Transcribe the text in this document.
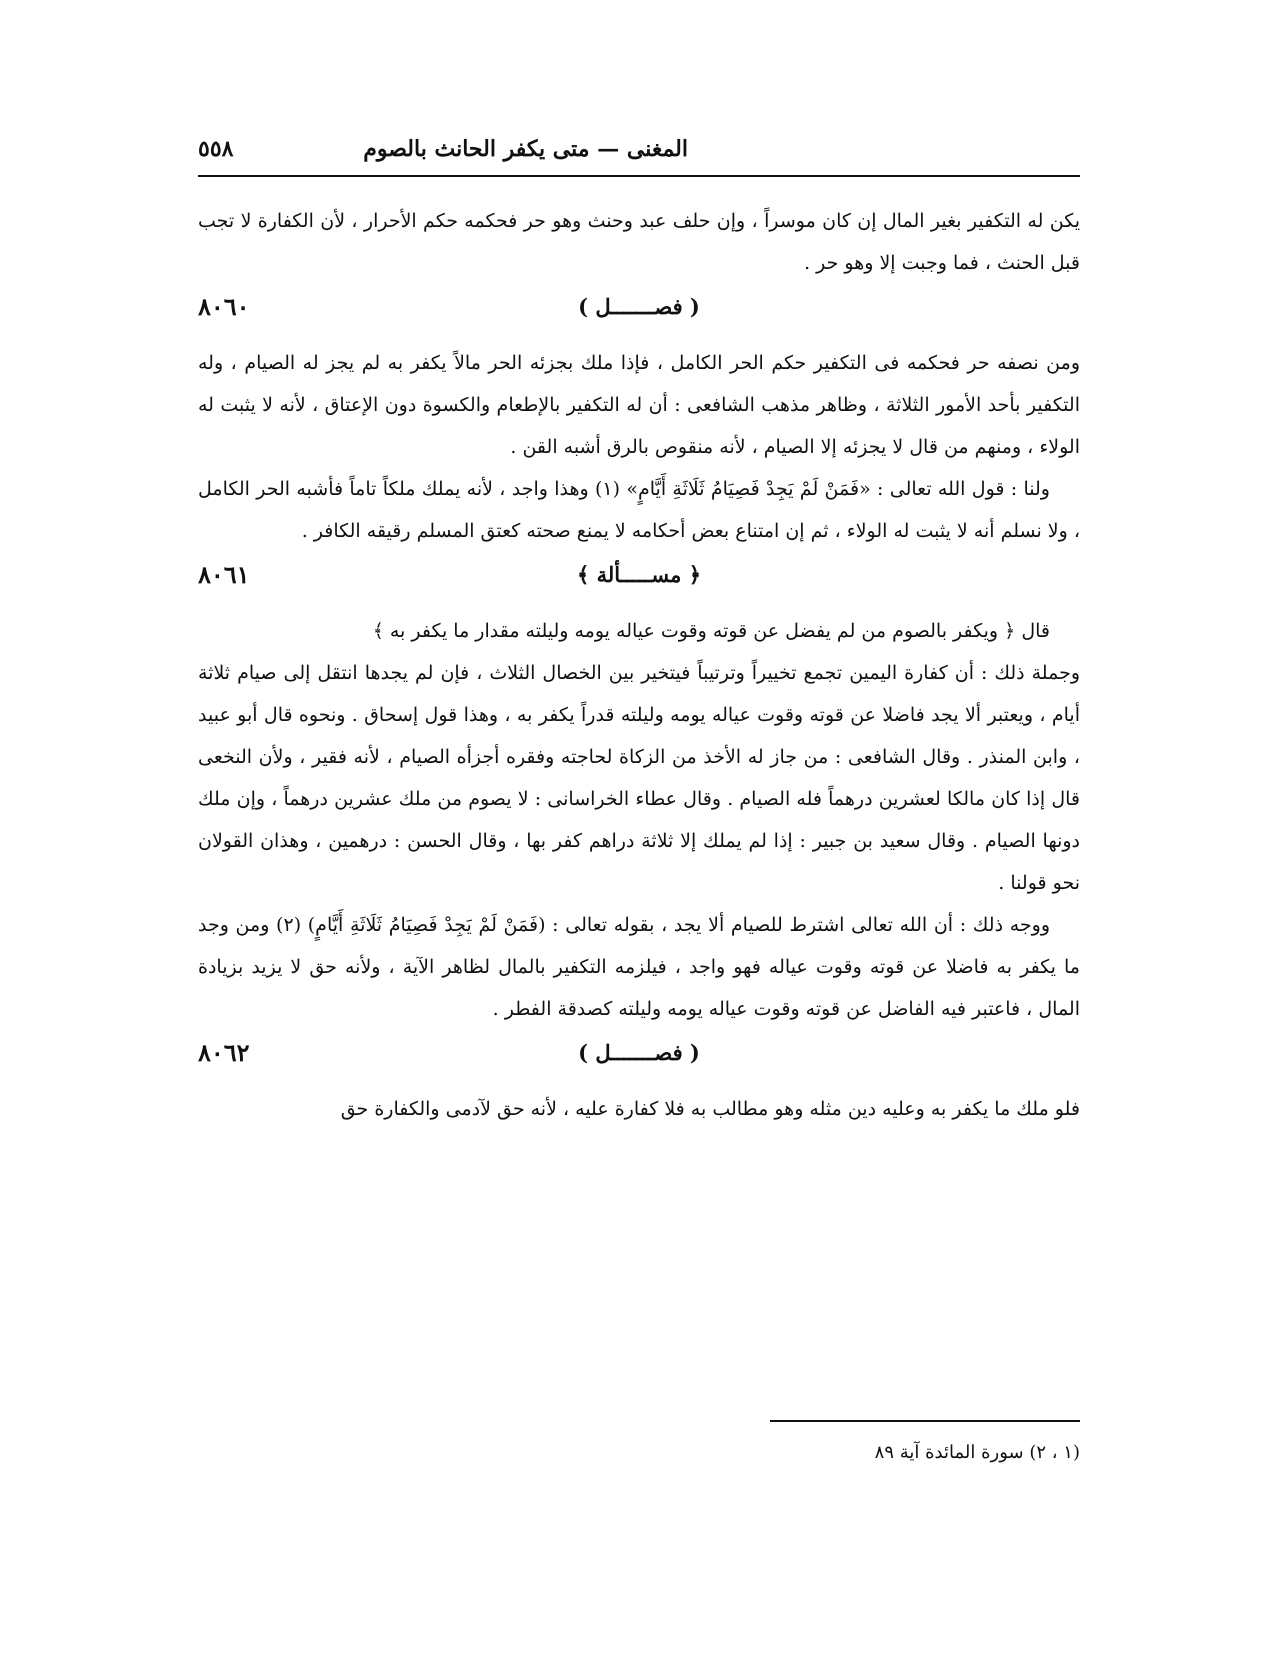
المغنى — متى يكفر الحانث بالصوم
٥٥٨

يكن له التكفير بغير المال إن كان موسراً ، وإن حلف عبد وحنث وهو حر فحكمه حكم الأحرار ، لأن الكفارة لا تجب قبل الحنث ، فما وجبت إلا وهو حر .

( فصـــــــل )
٨٠٦٠

ومن نصفه حر فحكمه فى التكفير حكم الحر الكامل ، فإذا ملك بجزئه الحر مالاً يكفر به لم يجز له الصيام ، وله التكفير بأحد الأمور الثلاثة ، وظاهر مذهب الشافعى : أن له التكفير بالإطعام والكسوة دون الإعتاق ، لأنه لا يثبت له الولاء ، ومنهم من قال لا يجزئه إلا الصيام ، لأنه منقوص بالرق أشبه القن .

ولنا : قول الله تعالى : «فَمَنْ لَمْ يَجِدْ فَصِيَامُ ثَلَاثَةِ أَيَّامٍ» (١) وهذا واجد ، لأنه يملك ملكاً تاماً فأشبه الحر الكامل ، ولا نسلم أنه لا يثبت له الولاء ، ثم إن امتناع بعض أحكامه لا يمنع صحته كعتق المسلم رقيقه الكافر .

﴿ مســـــألة ﴾
٨٠٦١

قال ﴿ ويكفر بالصوم من لم يفضل عن قوته وقوت عياله يومه وليلته مقدار ما يكفر به ﴾

وجملة ذلك : أن كفارة اليمين تجمع تخييراً وترتيباً فيتخير بين الخصال الثلاث ، فإن لم يجدها انتقل إلى صيام ثلاثة أيام ، ويعتبر ألا يجد فاضلا عن قوته وقوت عياله يومه وليلته قدراً يكفر به ، وهذا قول إسحاق . ونحوه قال أبو عبيد ، وابن المنذر . وقال الشافعى : من جاز له الأخذ من الزكاة لحاجته وفقره أجزأه الصيام ، لأنه فقير ، ولأن النخعى قال إذا كان مالكا لعشرين درهماً فله الصيام . وقال عطاء الخراسانى : لا يصوم من ملك عشرين درهماً ، وإن ملك دونها الصيام . وقال سعيد بن جبير : إذا لم يملك إلا ثلاثة دراهم كفر بها ، وقال الحسن : درهمين ، وهذان القولان نحو قولنا .

ووجه ذلك : أن الله تعالى اشترط للصيام ألا يجد ، بقوله تعالى : (فَمَنْ لَمْ يَجِدْ فَصِيَامُ ثَلَاثَةِ أَيَّامٍ) (٢) ومن وجد ما يكفر به فاضلا عن قوته وقوت عياله فهو واجد ، فيلزمه التكفير بالمال لظاهر الآية ، ولأنه حق لا يزيد بزيادة المال ، فاعتبر فيه الفاضل عن قوته وقوت عياله يومه وليلته كصدقة الفطر .

( فصـــــــل )
٨٠٦٢

فلو ملك ما يكفر به وعليه دين مثله وهو مطالب به فلا كفارة عليه ، لأنه حق لآدمى والكفارة حق

(١ ، ٢) سورة المائدة آية ٨٩
